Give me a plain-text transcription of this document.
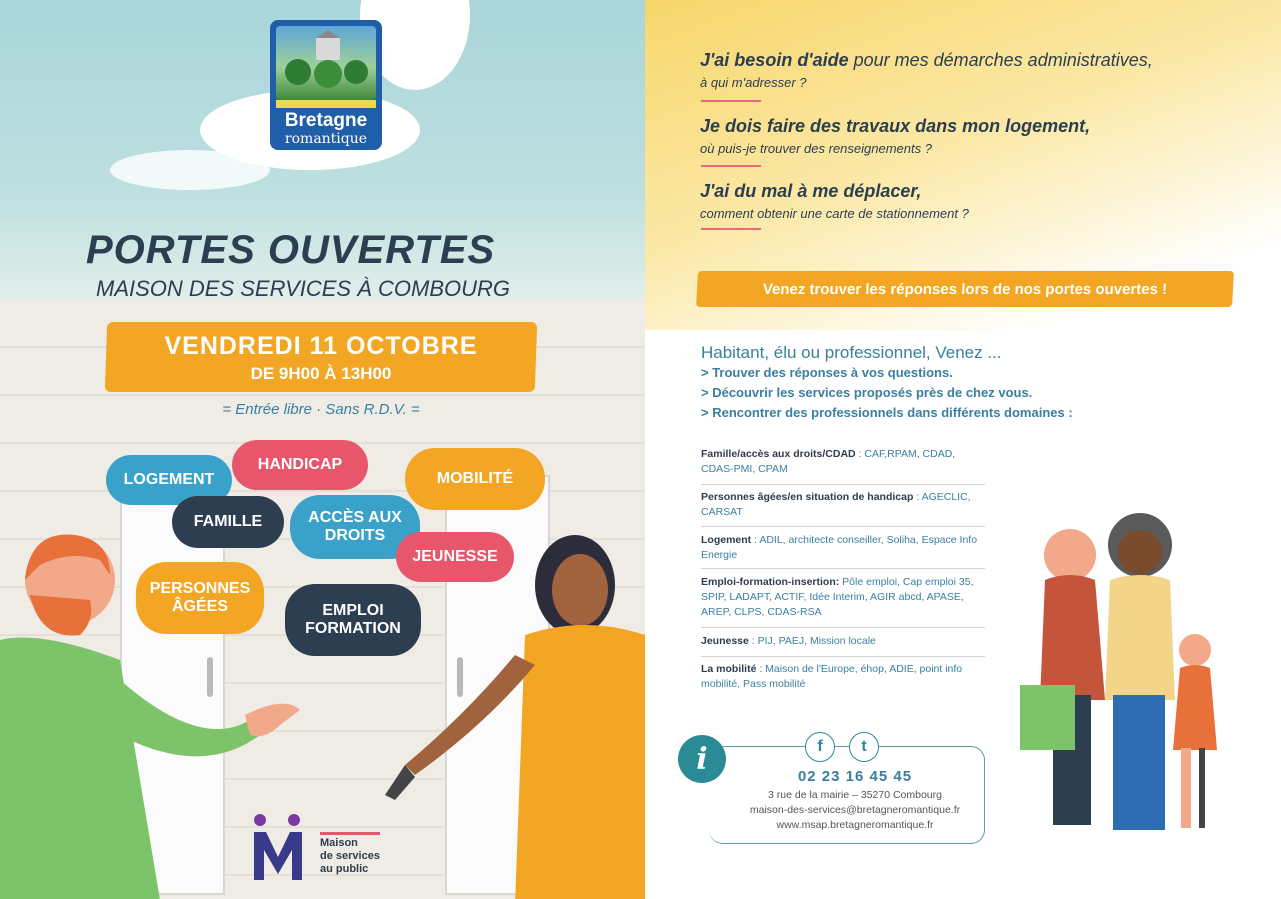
Bretagne
romantique
PORTES OUVERTES
MAISON DES SERVICES À COMBOURG
VENDREDI 11 OCTOBRE
DE 9H00 À 13H00
= Entrée libre · Sans R.D.V. =
LOGEMENT
HANDICAP
MOBILITÉ
FAMILLE	ACCÈS AUX DROITS
JEUNESSE
PERSONNES ÂGÉES	EMPLOI FORMATION
Maison
de services
au public
J'ai besoin d'aide pour mes démarches administratives,
à qui m'adresser ?
Je dois faire des travaux dans mon logement,
où puis-je trouver des renseignements ?
J'ai du mal à me déplacer,
comment obtenir une carte de stationnement ?
Venez trouver les réponses lors de nos portes ouvertes !
Habitant, élu ou professionnel, Venez ...
> Trouver des réponses à vos questions.
> Découvrir les services proposés près de chez vous.
> Rencontrer des professionnels dans différents domaines :
Famille/accès aux droits/CDAD : CAF,RPAM, CDAD, CDAS-PMI, CPAM
Personnes âgées/en situation de handicap : AGECLIC, CARSAT
Logement : ADIL, architecte conseiller, Soliha, Espace Info Energie
Emploi-formation-insertion: Pôle emploi, Cap emploi 35, SPIP, LADAPT, ACTIF, Idée Interim, AGIR abcd, APASE, AREP, CLPS, CDAS-RSA
Jeunesse : PIJ, PAEJ, Mission locale
La mobilité : Maison de l'Europe, éhop, ADIE, point info mobilité, Pass mobilité
i	f	t
02 23 16 45 45
3 rue de la mairie – 35270 Combourg
maison-des-services@bretagneromantique.fr
www.msap.bretagneromantique.fr
